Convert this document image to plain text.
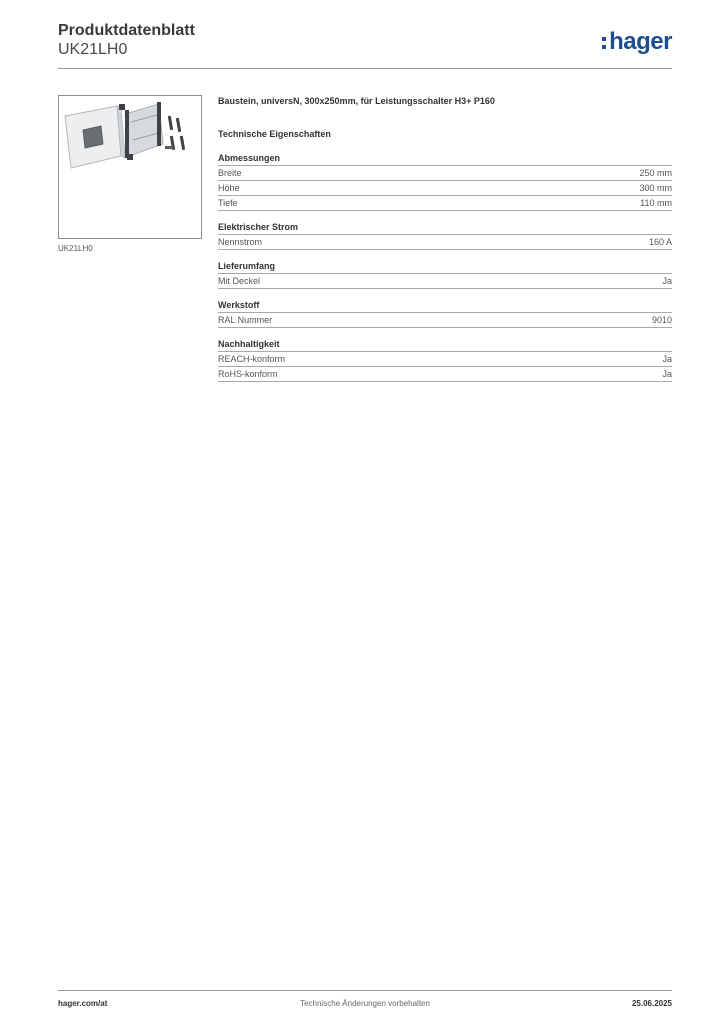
Produktdatenblatt
UK21LH0	hager
UK21LH0
Baustein, universN, 300x250mm, für Leistungsschalter H3+ P160
Technische Eigenschaften
Abmessungen
Breite	250 mm
Höhe	300 mm
Tiefe	110 mm
Elektrischer Strom
Nennstrom	160 A
Lieferumfang
Mit Deckel	Ja
Werkstoff
RAL Nummer	9010
Nachhaltigkeit
REACH-konform	Ja
RoHS-konform	Ja
hager.com/at	Technische Änderungen vorbehalten	25.06.2025
